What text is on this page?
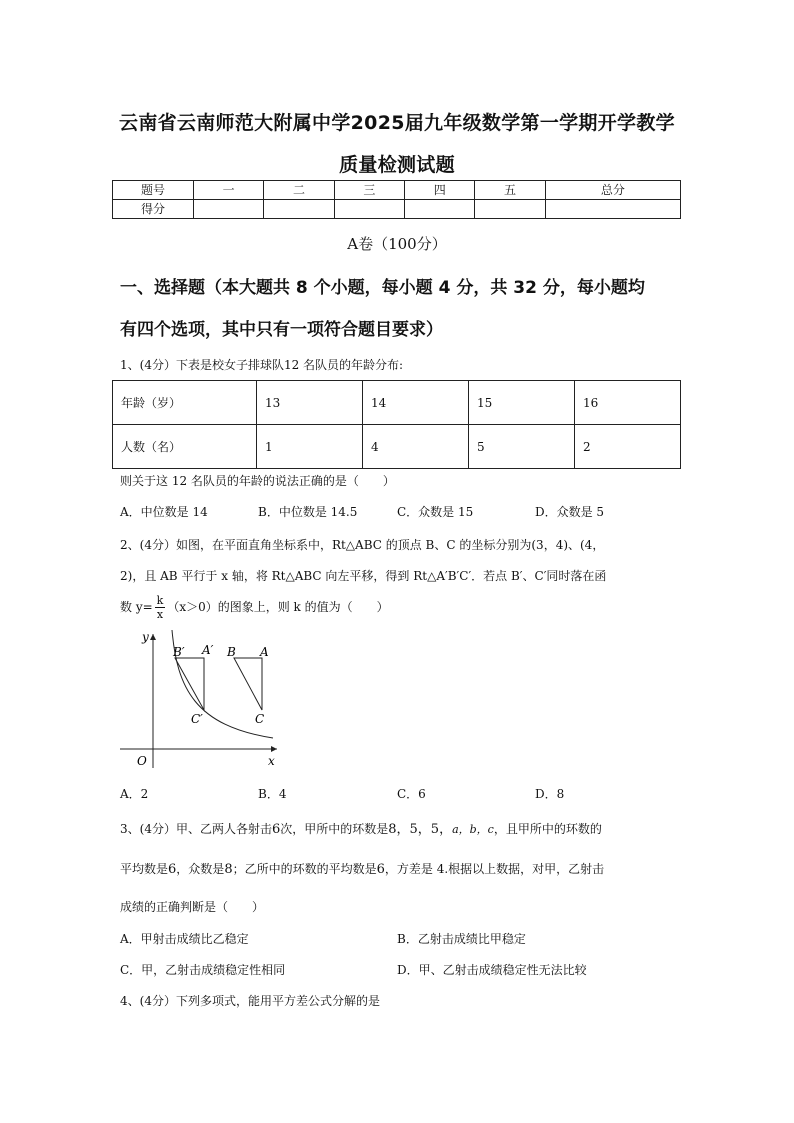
云南省云南师范大附属中学2025届九年级数学第一学期开学教学
质量检测试题
题号	一	二	三	四	五	总分
得分						
A卷（100分）
一、选择题（本大题共 8 个小题，每小题 4 分，共 32 分，每小题均
有四个选项，其中只有一项符合题目要求）
1、(4分）下表是校女子排球队12 名队员的年龄分布:
年龄（岁）	13	14	15	16
人数（名）	1	4	5	2
则关于这 12 名队员的年龄的说法正确的是（　　）
A．中位数是 14	B．中位数是 14.5	C．众数是 15	D．众数是 5
2、(4分）如图，在平面直角坐标系中，Rt△ABC 的顶点 B、C 的坐标分别为(3，4)、(4，
2)，且 AB 平行于 x 轴，将 Rt△ABC 向左平移，得到 Rt△A′B′C′．若点 B′、C′同时落在函
数 $y= \frac{k}{x} (x>0)$的图象上，则 k 的值为（　　）
y
x
O
B′ A′
C′
B A
C
A．2	B．4	C．6	D．8
3、(4分）甲、乙两人各射击6次，甲所中的环数是8，5，5，a，b，c，且甲所中的环数的
平均数是6，众数是8；乙所中的环数的平均数是6，方差是 4.根据以上数据，对甲，乙射击
成绩的正确判断是（　　）
A．甲射击成绩比乙稳定	B．乙射击成绩比甲稳定
C．甲，乙射击成绩稳定性相同	D．甲、乙射击成绩稳定性无法比较
4、(4分）下列多项式，能用平方差公式分解的是
